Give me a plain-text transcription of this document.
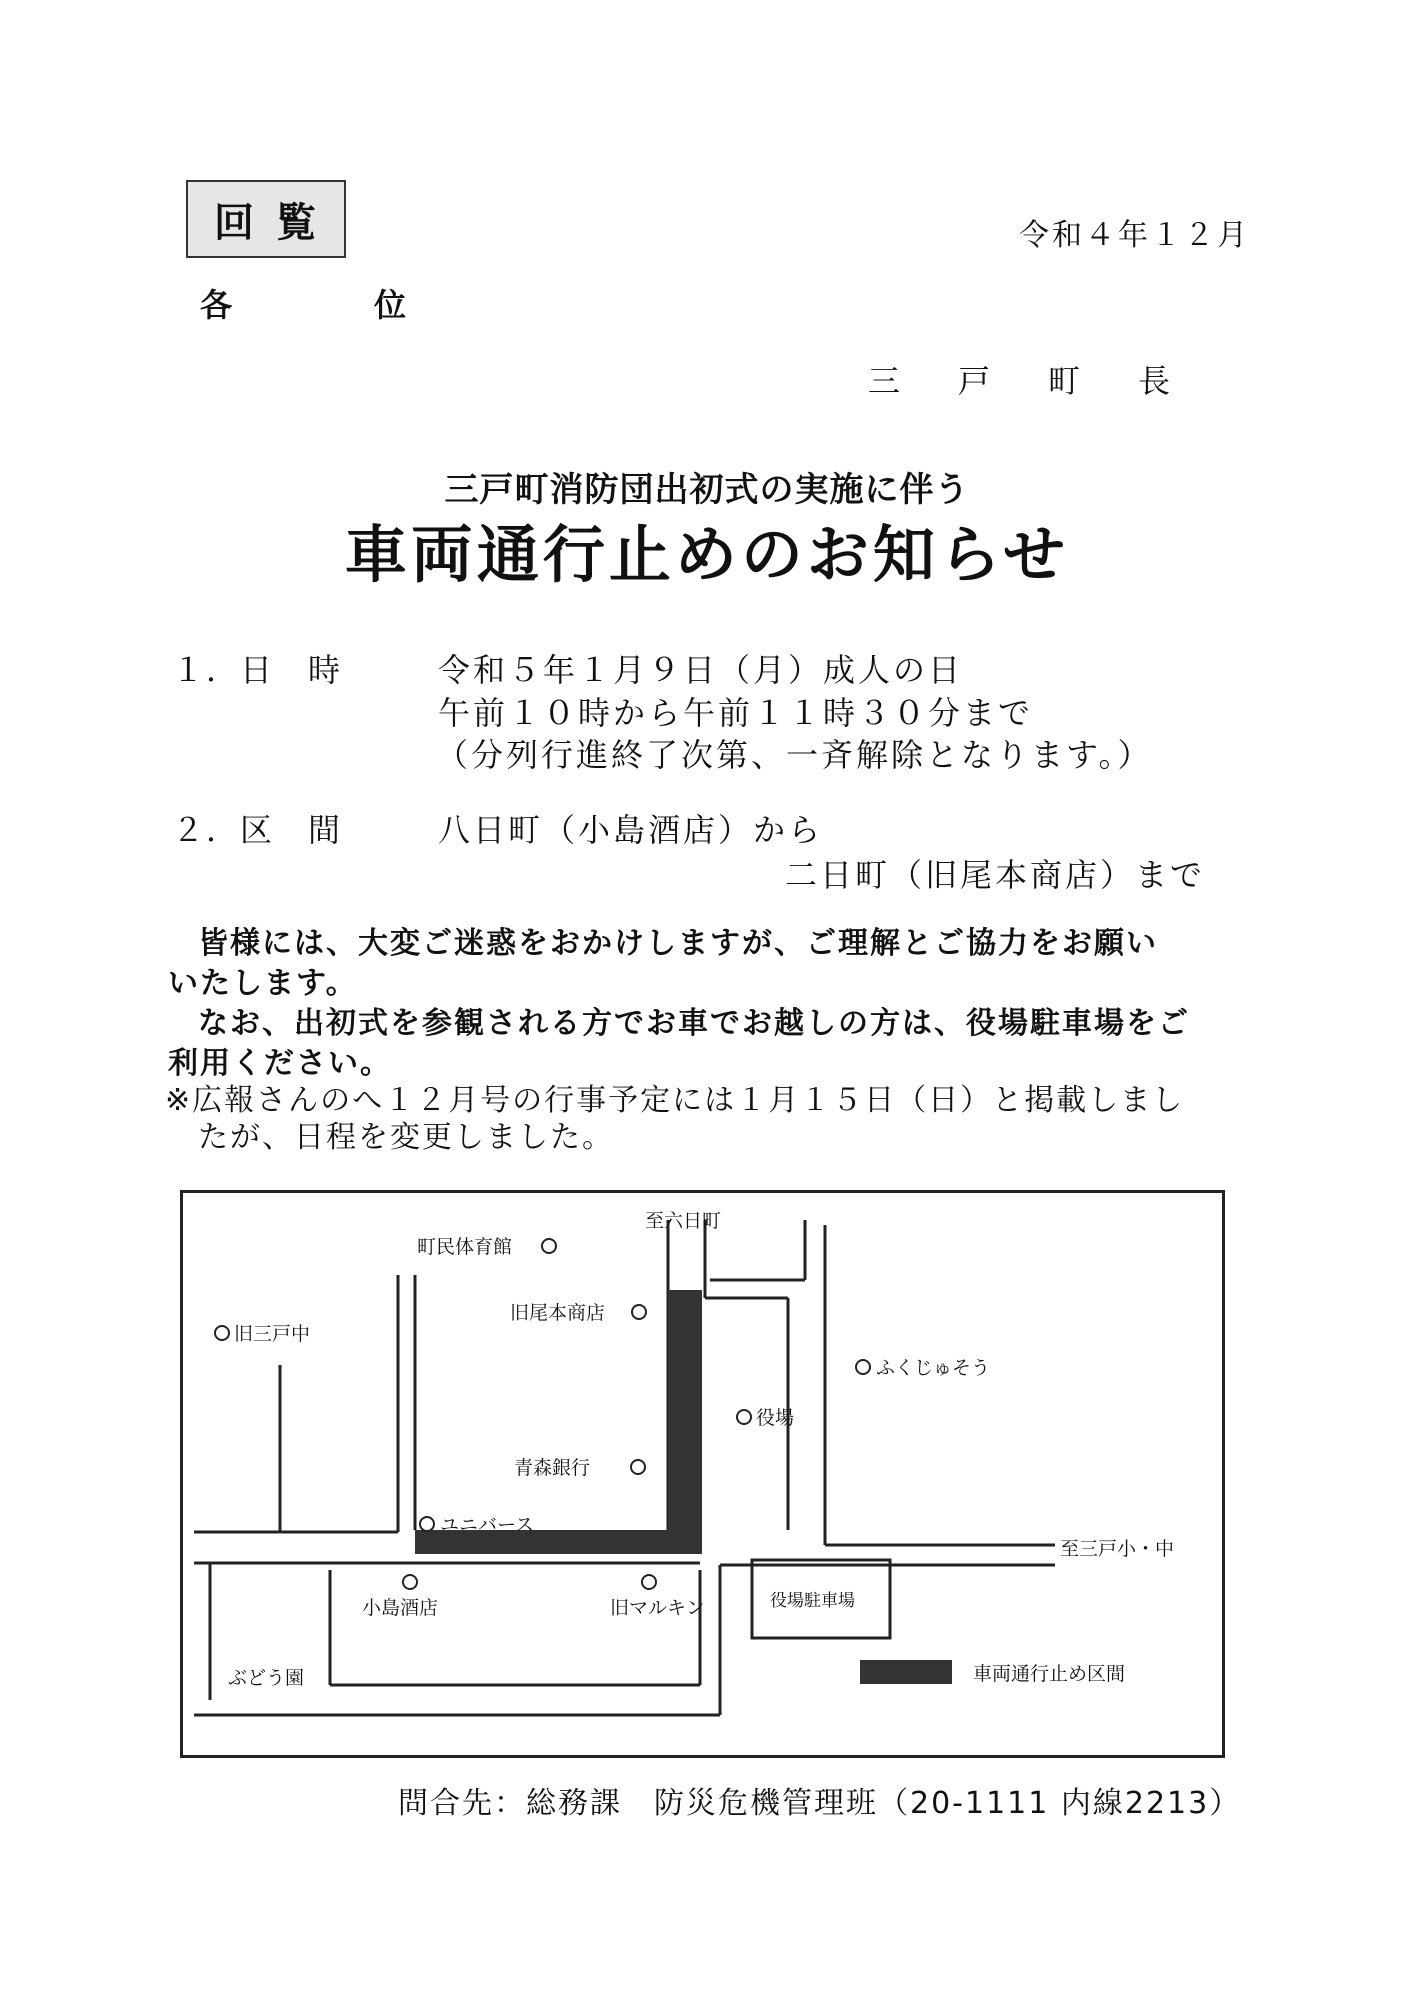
回覧	令和４年１２月
各位
三戸町長
三戸町消防団出初式の実施に伴う
車両通行止めのお知らせ
１．日　時	令和５年１月９日（月）成人の日
午前１０時から午前１１時３０分まで
（分列行進終了次第、一斉解除となります。）
２．区　間	八日町（小島酒店）から
二日町（旧尾本商店）まで
皆様には、大変ご迷惑をおかけしますが、ご理解とご協力をお願い
いたします。
なお、出初式を参観される方でお車でお越しの方は、役場駐車場をご
利用ください。
※広報さんのへ１２月号の行事予定には１月１５日（日）と掲載しまし
たが、日程を変更しました。
至六日町
町民体育館
旧三戸中
旧尾本商店
ふくじゅそう
役場
青森銀行
ユニバース
至三戸小・中
小島酒店	旧マルキン	役場駐車場
ぶどう園	車両通行止め区間
問合先：総務課　防災危機管理班（20-1111 内線2213）
